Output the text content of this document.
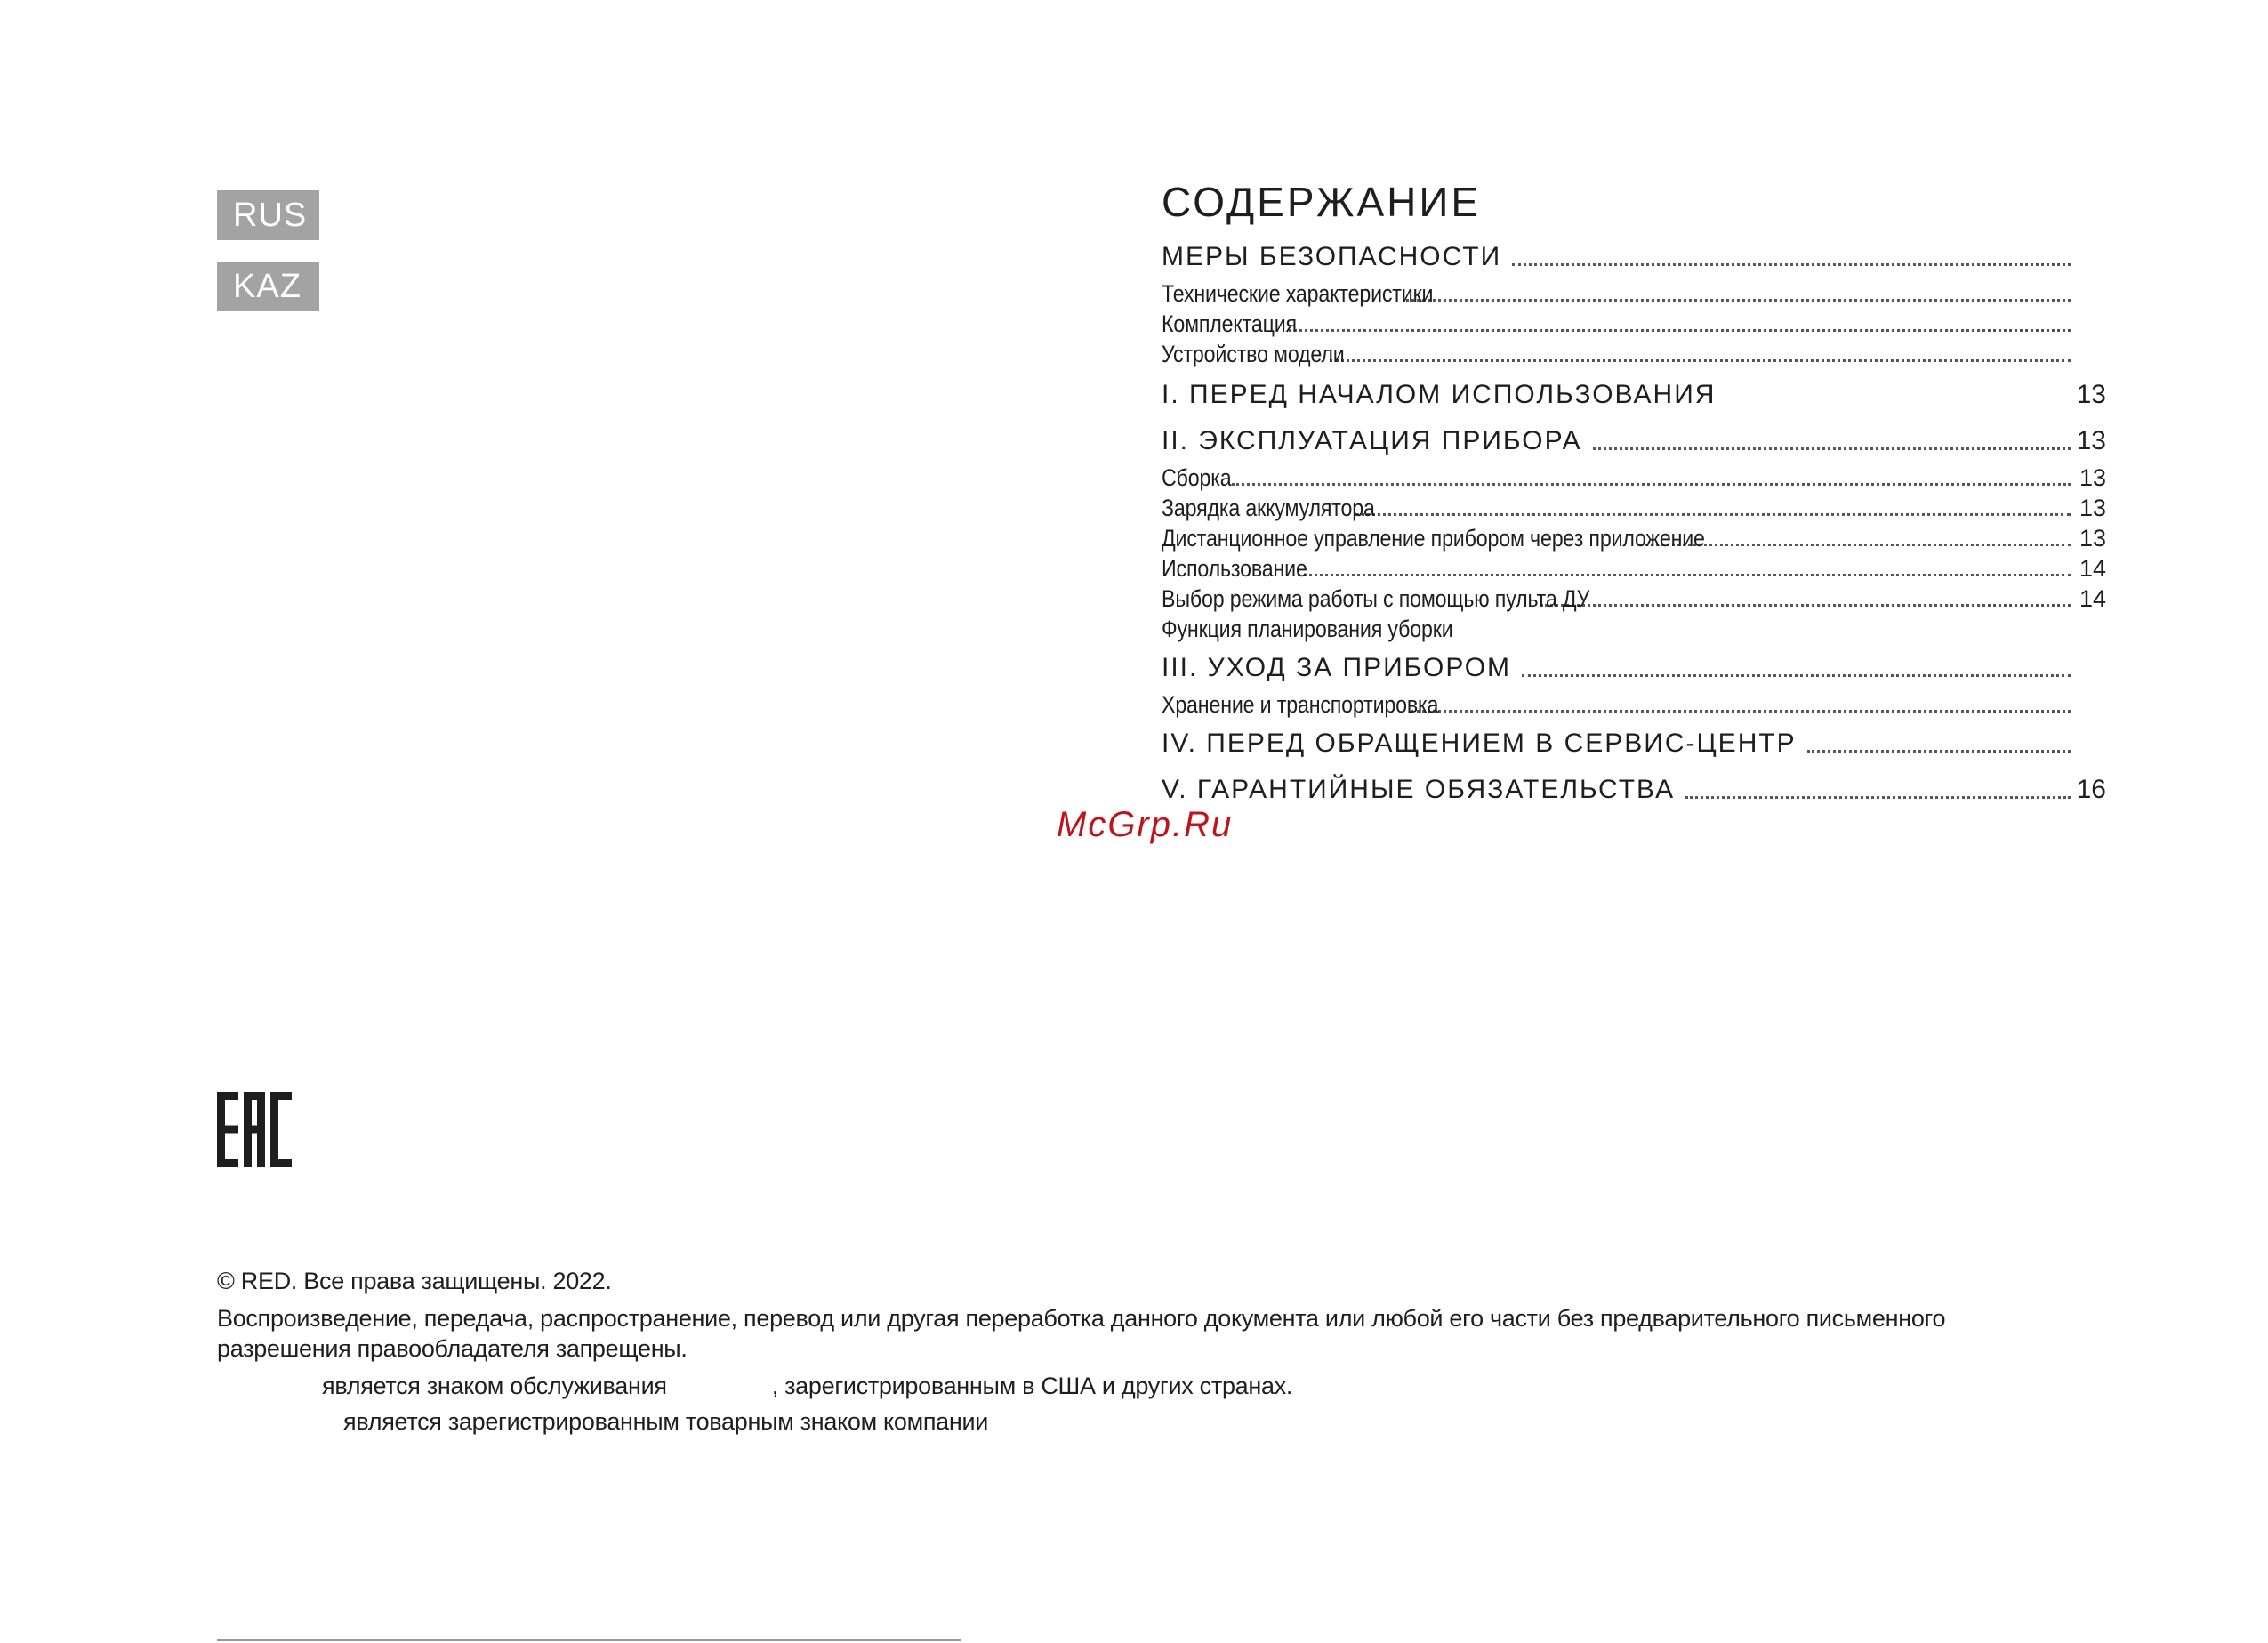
RUS
KAZ
СОДЕРЖАНИЕ
МЕРЫ БЕЗОПАСНОСТИ
Технические характеристики
Комплектация
Устройство модели
I. ПЕРЕД НАЧАЛОМ ИСПОЛЬЗОВАНИЯ	13
II. ЭКСПЛУАТАЦИЯ ПРИБОРА	13
Сборка	13
Зарядка аккумулятора	13
Дистанционное управление прибором через приложение	13
Использование	14
Выбор режима работы с помощью пульта ДУ	14
Функция планирования уборки
III. УХОД ЗА ПРИБОРОМ
Хранение и транспортировка
IV. ПЕРЕД ОБРАЩЕНИЕМ В СЕРВИС-ЦЕНТР
V. ГАРАНТИЙНЫЕ ОБЯЗАТЕЛЬСТВА	16
McGrp.Ru

© RED. Все права защищены. 2022.

Воспроизведение, передача, распространение, перевод или другая переработка данного документа или любой его части без предварительного письменного разрешения правообладателя запрещены.

является знаком обслуживания	, зарегистрированным в США и других странах.

является зарегистрированным товарным знаком компании
